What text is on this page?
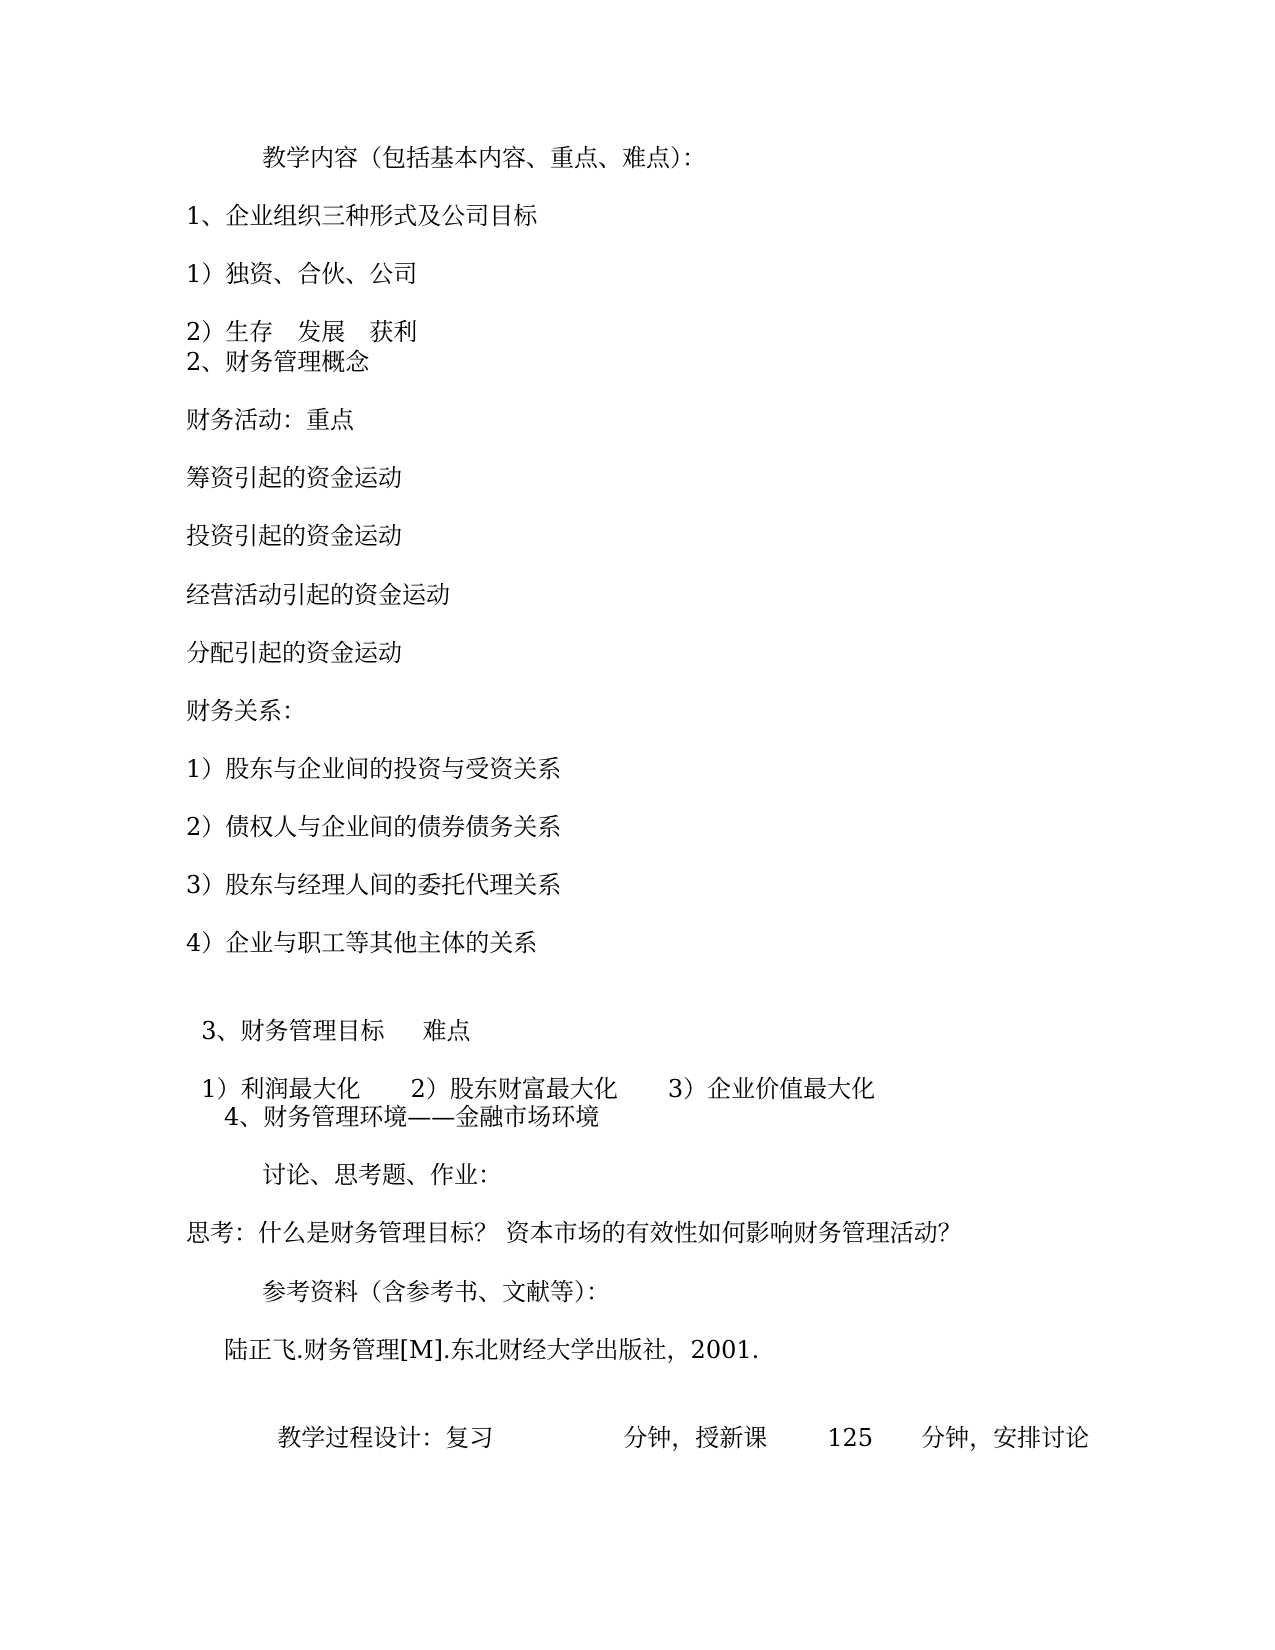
教学内容（包括基本内容、重点、难点）：
1、企业组织三种形式及公司目标
1）独资、合伙、公司
2）生存　发展　获利
2、财务管理概念
财务活动：重点
筹资引起的资金运动
投资引起的资金运动
经营活动引起的资金运动
分配引起的资金运动
财务关系：
1）股东与企业间的投资与受资关系
2）债权人与企业间的债券债务关系
3）股东与经理人间的委托代理关系
4）企业与职工等其他主体的关系

3、财务管理目标 难点

1）利润最大化 2）股东财富最大化 3）企业价值最大化

4、财务管理环境——金融市场环境
讨论、思考题、作业：
思考：什么是财务管理目标？ 资本市场的有效性如何影响财务管理活动？
参考资料（含参考书、文献等）：
陆正飞.财务管理[M].东北财经大学出版社，2001.

教学过程设计：复习	分钟，授新课	125 分钟，安排讨论
